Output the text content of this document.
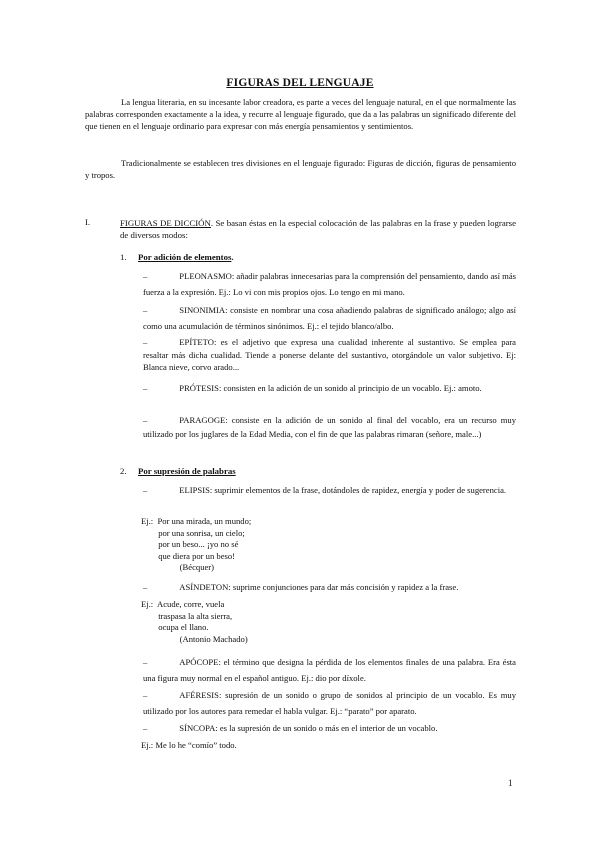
FIGURAS DEL LENGUAJE
La lengua literaria, en su incesante labor creadora, es parte a veces del lenguaje natural, en el que normalmente las palabras corresponden exactamente a la idea, y recurre al lenguaje figurado, que da a las palabras un significado diferente del que tienen en el lenguaje ordinario para expresar con más energía pensamientos y sentimientos.
Tradicionalmente se establecen tres divisiones en el lenguaje figurado: Figuras de dicción, figuras de pensamiento y tropos.
I.	FIGURAS DE DICCIÓN. Se basan éstas en la especial colocación de las palabras en la frase y pueden lograrse de diversos modos:
1. Por adición de elementos.
–	PLEONASMO: añadir palabras innecesarias para la comprensión del pensamiento, dando así más fuerza a la expresión. Ej.: Lo vi con mis propios ojos. Lo tengo en mi mano.
–	SINONIMIA: consiste en nombrar una cosa añadiendo palabras de significado análogo; algo así como una acumulación de términos sinónimos. Ej.: el tejido blanco/albo.
–	EPÍTETO: es el adjetivo que expresa una cualidad inherente al sustantivo. Se emplea para resaltar más dicha cualidad. Tiende a ponerse delante del sustantivo, otorgándole un valor subjetivo. Ej: Blanca nieve, corvo arado...
–	PRÓTESIS: consisten en la adición de un sonido al principio de un vocablo. Ej.: amoto.
–	PARAGOGE: consiste en la adición de un sonido al final del vocablo, era un recurso muy utilizado por los juglares de la Edad Media, con el fin de que las palabras rimaran (señore, male...)
2. Por supresión de palabras
–	ELIPSIS: suprimir elementos de la frase, dotándoles de rapidez, energía y poder de sugerencia.
Ej.:  Por una mirada, un mundo;
por una sonrisa, un cielo;
por un beso... ¡yo no sé
que diera por un beso!
(Bécquer)
–	ASÍNDETON: suprime conjunciones para dar más concisión y rapidez a la frase.
Ej.:  Acude, corre, vuela
traspasa la alta sierra,
ocupa el llano.
(Antonio Machado)
–	APÓCOPE: el término que designa la pérdida de los elementos finales de una palabra. Era ésta una figura muy normal en el español antiguo. Ej.: dio por díxole.
–	AFÉRESIS: supresión de un sonido o grupo de sonidos al principio de un vocablo. Es muy utilizado por los autores para remedar el habla vulgar. Ej.: “parato” por aparato.
–	SÍNCOPA: es la supresión de un sonido o más en el interior de un vocablo.
Ej.: Me lo he “comío” todo.
1
